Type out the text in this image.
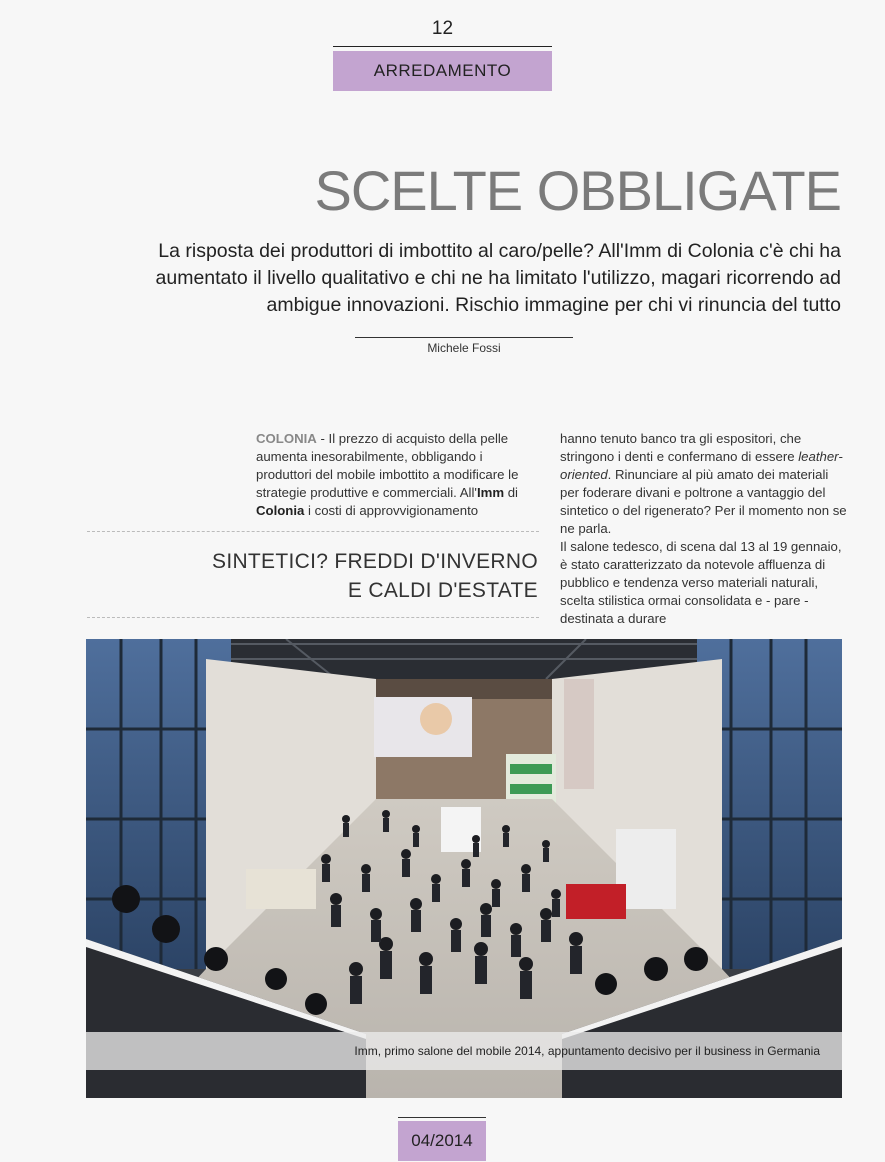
12
ARREDAMENTO
SCELTE OBBLIGATE

La risposta dei produttori di imbottito al caro/pelle? All'Imm di Colonia c'è chi ha aumentato il livello qualitativo e chi ne ha limitato l'utilizzo, magari ricorrendo ad ambigue innovazioni. Rischio immagine per chi vi rinuncia del tutto

Michele Fossi
COLONIA - Il prezzo di acquisto della pelle aumenta inesorabilmente, obbligando i produttori del mobile imbottito a modificare le strategie produttive e commerciali. All'Imm di Colonia i costi di approvvigionamento
SINTETICI? FREDDI D'INVERNO
E CALDI D'ESTATE
hanno tenuto banco tra gli espositori, che stringono i denti e confermano di essere leather-oriented. Rinunciare al più amato dei materiali per foderare divani e poltrone a vantaggio del sintetico o del rigenerato? Per il momento non se ne parla.
Il salone tedesco, di scena dal 13 al 19 gennaio, è stato caratterizzato da notevole affluenza di pubblico e tendenza verso materiali naturali, scelta stilistica ormai consolidata e - pare - destinata a durare
Imm, primo salone del mobile 2014, appuntamento decisivo per il business in Germania
04/2014
